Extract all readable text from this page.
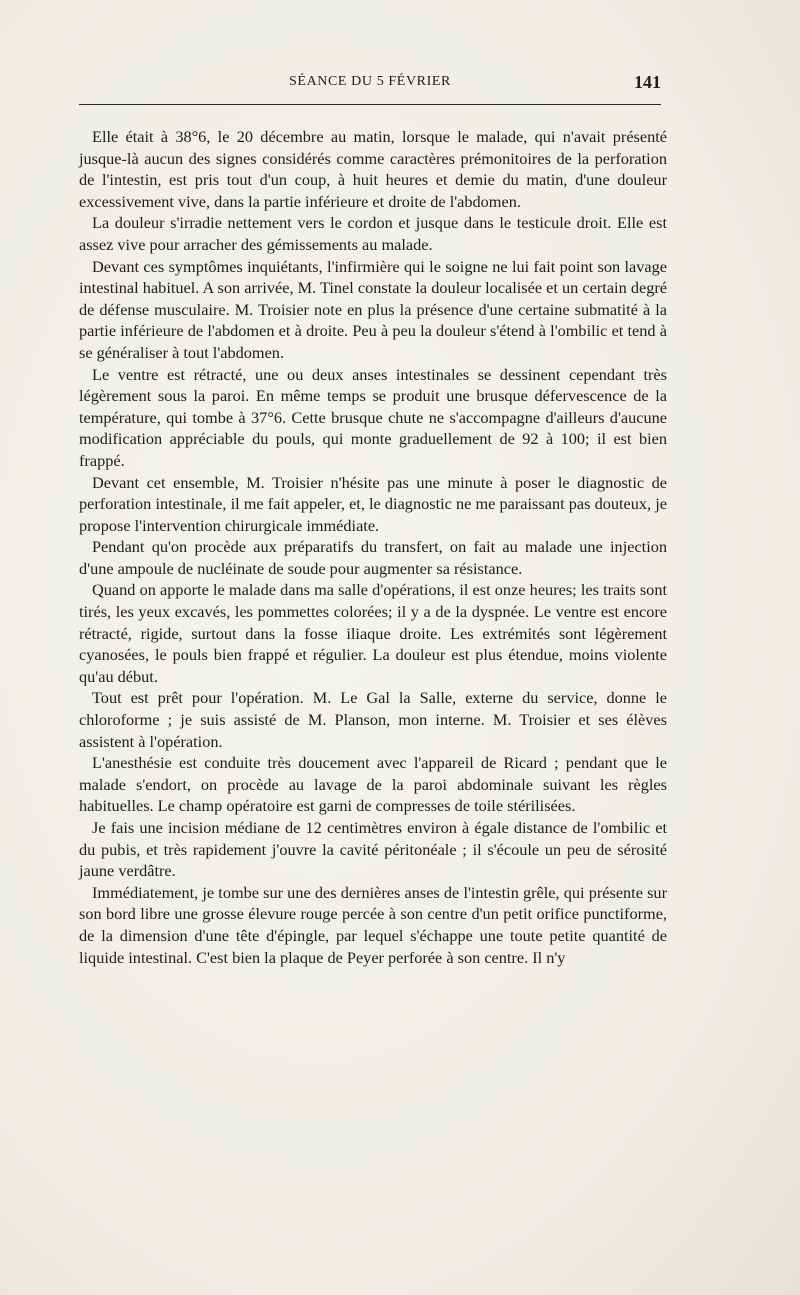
SÉANCE DU 5 FÉVRIER	141

Elle était à 38°6, le 20 décembre au matin, lorsque le malade, qui n'avait présenté jusque-là aucun des signes considérés comme caractères prémonitoires de la perforation de l'intestin, est pris tout d'un coup, à huit heures et demie du matin, d'une douleur excessivement vive, dans la partie inférieure et droite de l'abdomen.

La douleur s'irradie nettement vers le cordon et jusque dans le testicule droit. Elle est assez vive pour arracher des gémissements au malade.

Devant ces symptômes inquiétants, l'infirmière qui le soigne ne lui fait point son lavage intestinal habituel. A son arrivée, M. Tinel constate la douleur localisée et un certain degré de défense musculaire. M. Troisier note en plus la présence d'une certaine submatité à la partie inférieure de l'abdomen et à droite. Peu à peu la douleur s'étend à l'ombilic et tend à se généraliser à tout l'abdomen.

Le ventre est rétracté, une ou deux anses intestinales se dessinent cependant très légèrement sous la paroi. En même temps se produit une brusque défervescence de la température, qui tombe à 37°6. Cette brusque chute ne s'accompagne d'ailleurs d'aucune modification appréciable du pouls, qui monte graduellement de 92 à 100; il est bien frappé.

Devant cet ensemble, M. Troisier n'hésite pas une minute à poser le diagnostic de perforation intestinale, il me fait appeler, et, le diagnostic ne me paraissant pas douteux, je propose l'intervention chirurgicale immédiate.

Pendant qu'on procède aux préparatifs du transfert, on fait au malade une injection d'une ampoule de nucléinate de soude pour augmenter sa résistance.

Quand on apporte le malade dans ma salle d'opérations, il est onze heures; les traits sont tirés, les yeux excavés, les pommettes colorées; il y a de la dyspnée. Le ventre est encore rétracté, rigide, surtout dans la fosse iliaque droite. Les extrémités sont légèrement cyanosées, le pouls bien frappé et régulier. La douleur est plus étendue, moins violente qu'au début.

Tout est prêt pour l'opération. M. Le Gal la Salle, externe du service, donne le chloroforme ; je suis assisté de M. Planson, mon interne. M. Troisier et ses élèves assistent à l'opération.

L'anesthésie est conduite très doucement avec l'appareil de Ricard ; pendant que le malade s'endort, on procède au lavage de la paroi abdominale suivant les règles habituelles. Le champ opératoire est garni de compresses de toile stérilisées.

Je fais une incision médiane de 12 centimètres environ à égale distance de l'ombilic et du pubis, et très rapidement j'ouvre la cavité péritonéale ; il s'écoule un peu de sérosité jaune verdâtre.

Immédiatement, je tombe sur une des dernières anses de l'intestin grêle, qui présente sur son bord libre une grosse élevure rouge percée à son centre d'un petit orifice punctiforme, de la dimension d'une tête d'épingle, par lequel s'échappe une toute petite quantité de liquide intestinal. C'est bien la plaque de Peyer perforée à son centre. Il n'y
